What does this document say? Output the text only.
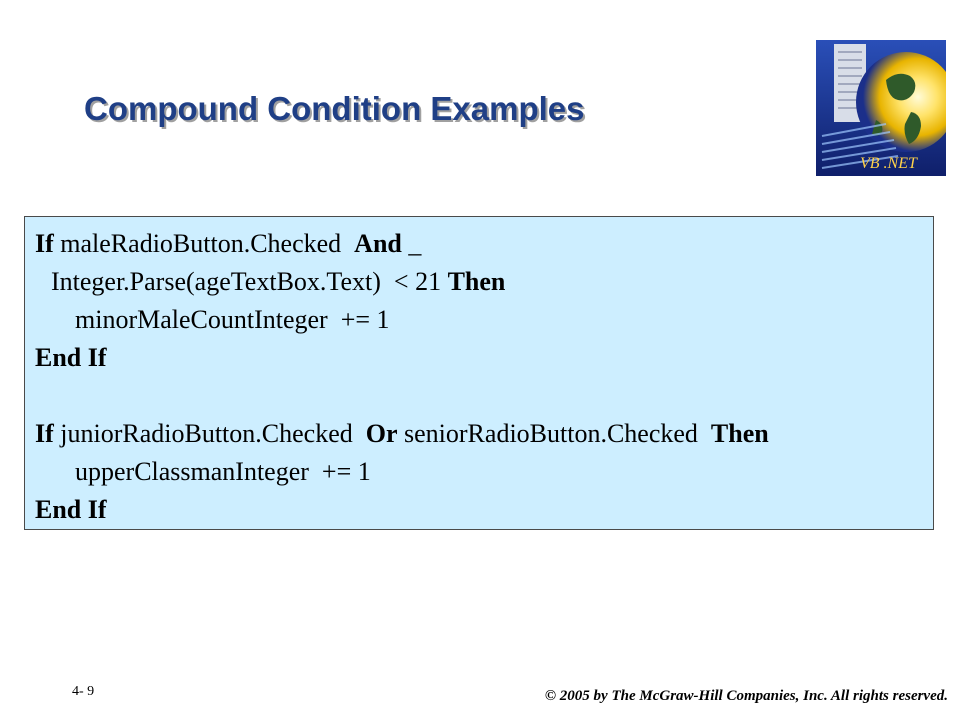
Compound Condition Examples
VB .NET
If maleRadioButton.Checked  And _
Integer.Parse(ageTextBox.Text)  < 21 Then
minorMaleCountInteger  += 1
End If
If juniorRadioButton.Checked  Or seniorRadioButton.Checked  Then
upperClassmanInteger  += 1
End If
4- 9	© 2005 by The McGraw-Hill Companies, Inc. All rights reserved.
